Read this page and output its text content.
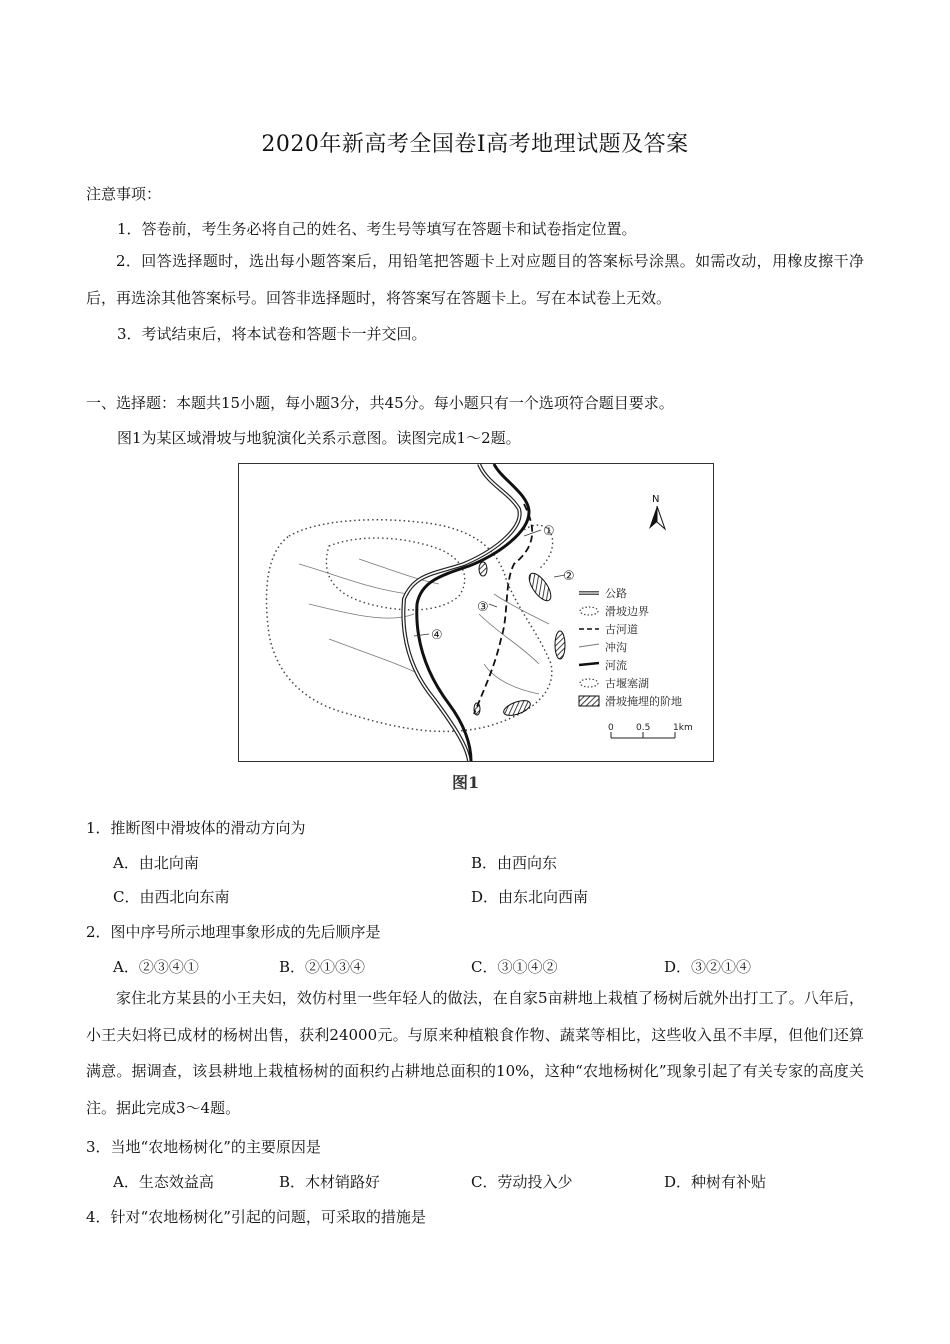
2020年新高考全国卷Ⅰ高考地理试题及答案
注意事项：
1．答卷前，考生务必将自己的姓名、考生号等填写在答题卡和试卷指定位置。
2．回答选择题时，选出每小题答案后，用铅笔把答题卡上对应题目的答案标号涂黑。如需改动，用橡皮擦干净后，再选涂其他答案标号。回答非选择题时，将答案写在答题卡上。写在本试卷上无效。
3．考试结束后，将本试卷和答题卡一并交回。
一、选择题：本题共15小题，每小题3分，共45分。每小题只有一个选项符合题目要求。
图1为某区域滑坡与地貌演化关系示意图。读图完成1～2题。
①
②
③
④
N
公路
滑坡边界
古河道
冲沟
河流
古堰塞湖
滑坡掩埋的阶地
0 0.5	1km
图1
1．推断图中滑坡体的滑动方向为
A．由北向南	B．由西向东
C．由西北向东南	D．由东北向西南
2．图中序号所示地理事象形成的先后顺序是
A．②③④①	B．②①③④	C．③①④②	D．③②①④
家住北方某县的小王夫妇，效仿村里一些年轻人的做法，在自家5亩耕地上栽植了杨树后就外出打工了。八年后，小王夫妇将已成材的杨树出售，获利24000元。与原来种植粮食作物、蔬菜等相比，这些收入虽不丰厚，但他们还算满意。据调查，该县耕地上栽植杨树的面积约占耕地总面积的10%，这种“农地杨树化”现象引起了有关专家的高度关注。据此完成3～4题。
3．当地“农地杨树化”的主要原因是
A．生态效益高	B．木材销路好	C．劳动投入少	D．种树有补贴
4．针对“农地杨树化”引起的问题，可采取的措施是
